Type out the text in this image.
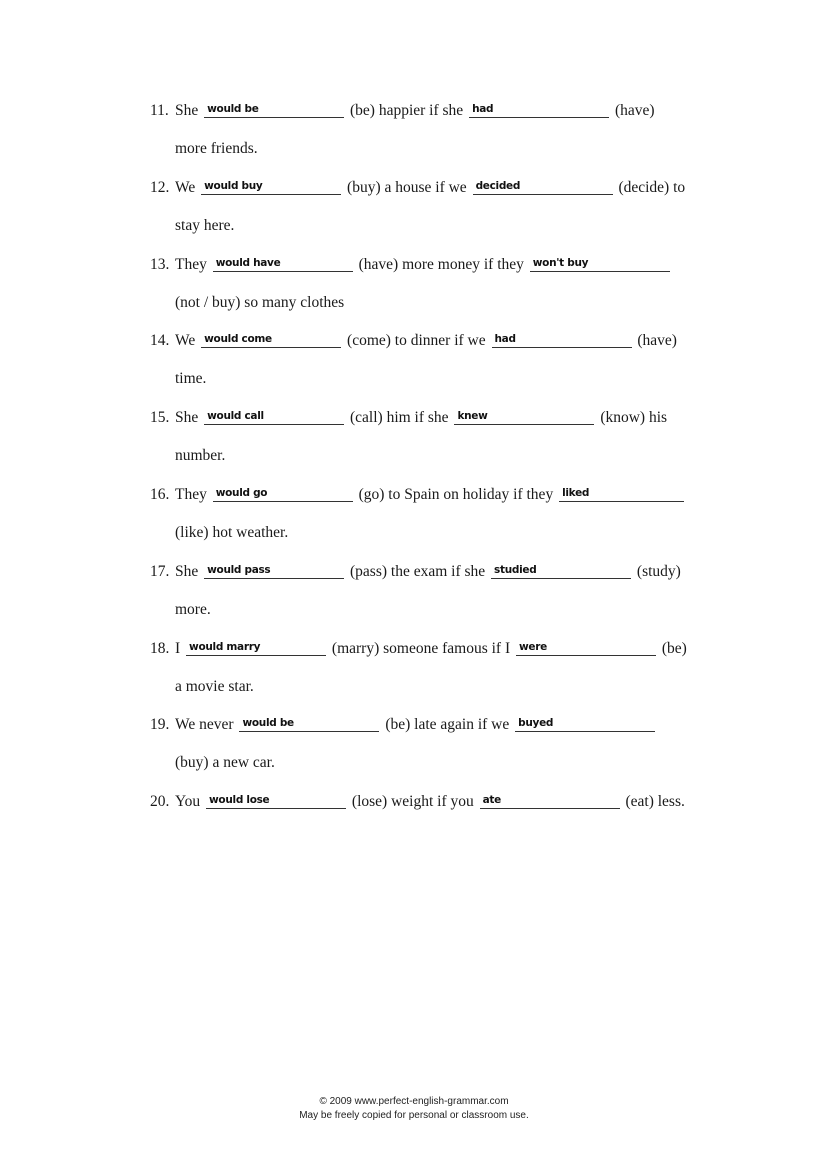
11. She would be	(be) happier if she had	(have)
more friends.
12. We would buy	(buy) a house if we decided	(decide) to
stay here.
13. They would have	(have) more money if they won't buy
(not / buy) so many clothes
14. We would come	(come) to dinner if we had	(have)
time.
15. She would call	(call) him if she knew	(know) his
number.
16. They would go	(go) to Spain on holiday if they liked
(like) hot weather.
17. She would pass	(pass) the exam if she studied	(study)
more.
18. I would marry	(marry) someone famous if I were	(be)
a movie star.
19. We never would be	(be) late again if we buyed
(buy) a new car.
20. You would lose	(lose) weight if you ate	(eat) less.
© 2009 www.perfect-english-grammar.com
May be freely copied for personal or classroom use.
